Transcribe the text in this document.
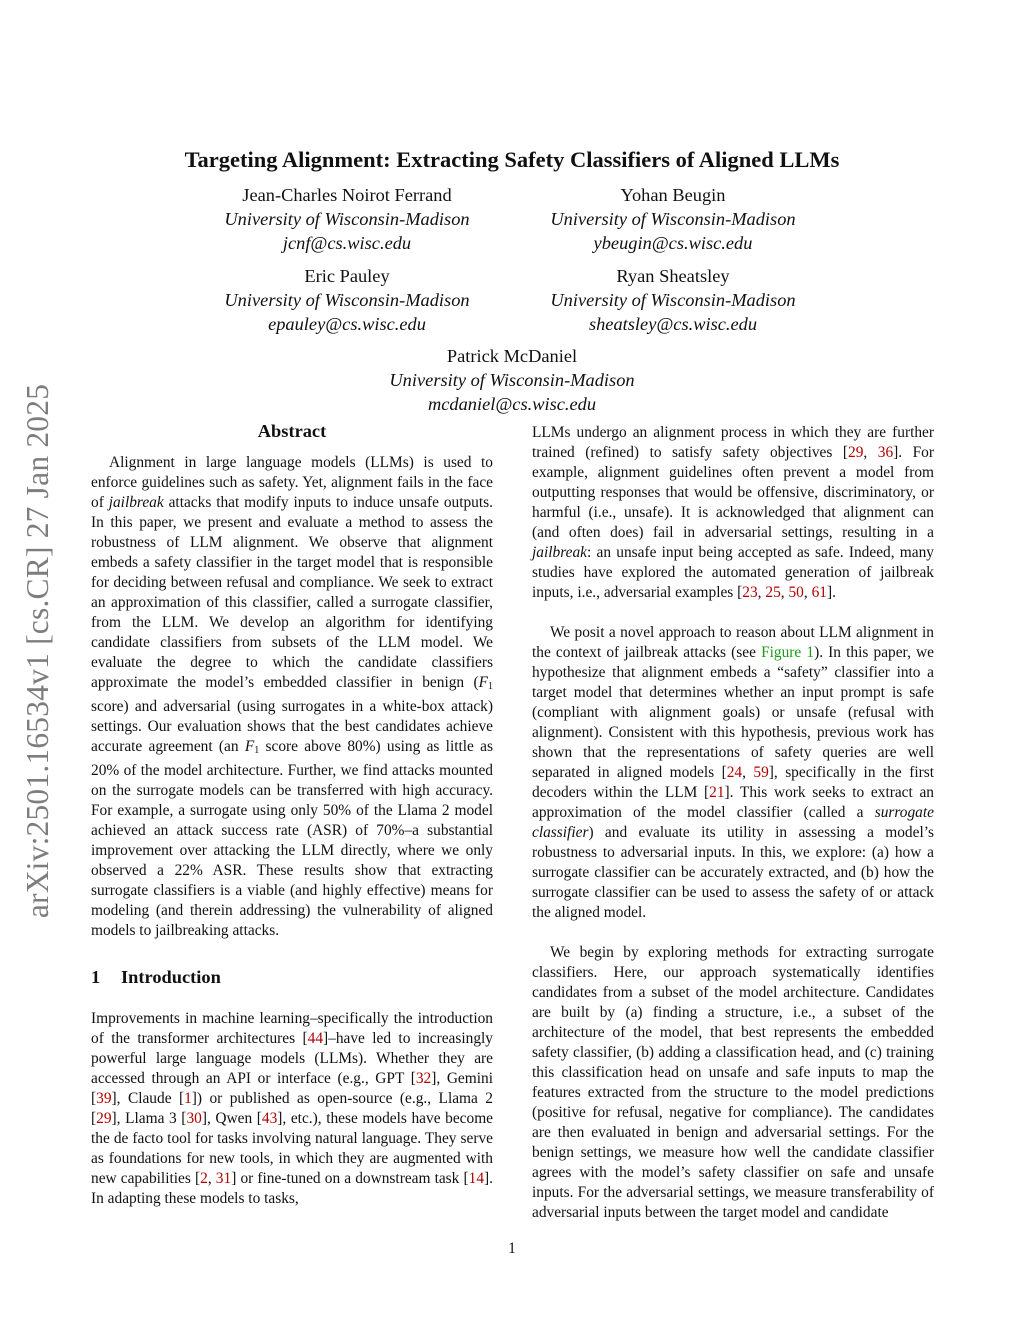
arXiv:2501.16534v1 [cs.CR] 27 Jan 2025
Targeting Alignment: Extracting Safety Classifiers of Aligned LLMs
Jean-Charles Noirot Ferrand
University of Wisconsin-Madison
jcnf@cs.wisc.edu
Yohan Beugin
University of Wisconsin-Madison
ybeugin@cs.wisc.edu
Eric Pauley
University of Wisconsin-Madison
epauley@cs.wisc.edu
Ryan Sheatsley
University of Wisconsin-Madison
sheatsley@cs.wisc.edu
Patrick McDaniel
University of Wisconsin-Madison
mcdaniel@cs.wisc.edu
Abstract

Alignment in large language models (LLMs) is used to enforce guidelines such as safety. Yet, alignment fails in the face of jailbreak attacks that modify inputs to induce unsafe outputs. In this paper, we present and evaluate a method to assess the robustness of LLM alignment. We observe that alignment embeds a safety classifier in the target model that is responsible for deciding between refusal and compliance. We seek to extract an approximation of this classifier, called a surrogate classifier, from the LLM. We develop an algorithm for identifying candidate classifiers from subsets of the LLM model. We evaluate the degree to which the candidate classifiers approximate the model’s embedded classifier in benign ($F_1$ score) and adversarial (using surrogates in a white-box attack) settings. Our evaluation shows that the best candidates achieve accurate agreement (an $F_1$ score above 80%) using as little as 20% of the model architecture. Further, we find attacks mounted on the surrogate models can be transferred with high accuracy. For example, a surrogate using only 50% of the Llama 2 model achieved an attack success rate (ASR) of 70%–a substantial improvement over attacking the LLM directly, where we only observed a 22% ASR. These results show that extracting surrogate classifiers is a viable (and highly effective) means for modeling (and therein addressing) the vulnerability of aligned models to jailbreaking attacks.

1 Introduction

Improvements in machine learning–specifically the introduction of the transformer architectures [44]–have led to increasingly powerful large language models (LLMs). Whether they are accessed through an API or interface (e.g., GPT [32], Gemini [39], Claude [1]) or published as open-source (e.g., Llama 2 [29], Llama 3 [30], Qwen [43], etc.), these models have become the de facto tool for tasks involving natural language. They serve as foundations for new tools, in which they are augmented with new capabilities [2, 31] or fine-tuned on a downstream task [14]. In adapting these models to tasks,

LLMs undergo an alignment process in which they are further trained (refined) to satisfy safety objectives [29, 36]. For example, alignment guidelines often prevent a model from outputting responses that would be offensive, discriminatory, or harmful (i.e., unsafe). It is acknowledged that alignment can (and often does) fail in adversarial settings, resulting in a jailbreak: an unsafe input being accepted as safe. Indeed, many studies have explored the automated generation of jailbreak inputs, i.e., adversarial examples [23, 25, 50, 61].

We posit a novel approach to reason about LLM alignment in the context of jailbreak attacks (see Figure 1). In this paper, we hypothesize that alignment embeds a “safety” classifier into a target model that determines whether an input prompt is safe (compliant with alignment goals) or unsafe (refusal with alignment). Consistent with this hypothesis, previous work has shown that the representations of safety queries are well separated in aligned models [24, 59], specifically in the first decoders within the LLM [21]. This work seeks to extract an approximation of the model classifier (called a surrogate classifier) and evaluate its utility in assessing a model’s robustness to adversarial inputs. In this, we explore: (a) how a surrogate classifier can be accurately extracted, and (b) how the surrogate classifier can be used to assess the safety of or attack the aligned model.

We begin by exploring methods for extracting surrogate classifiers. Here, our approach systematically identifies candidates from a subset of the model architecture. Candidates are built by (a) finding a structure, i.e., a subset of the architecture of the model, that best represents the embedded safety classifier, (b) adding a classification head, and (c) training this classification head on unsafe and safe inputs to map the features extracted from the structure to the model predictions (positive for refusal, negative for compliance). The candidates are then evaluated in benign and adversarial settings. For the benign settings, we measure how well the candidate classifier agrees with the model’s safety classifier on safe and unsafe inputs. For the adversarial settings, we measure transferability of adversarial inputs between the target model and candidate

1
